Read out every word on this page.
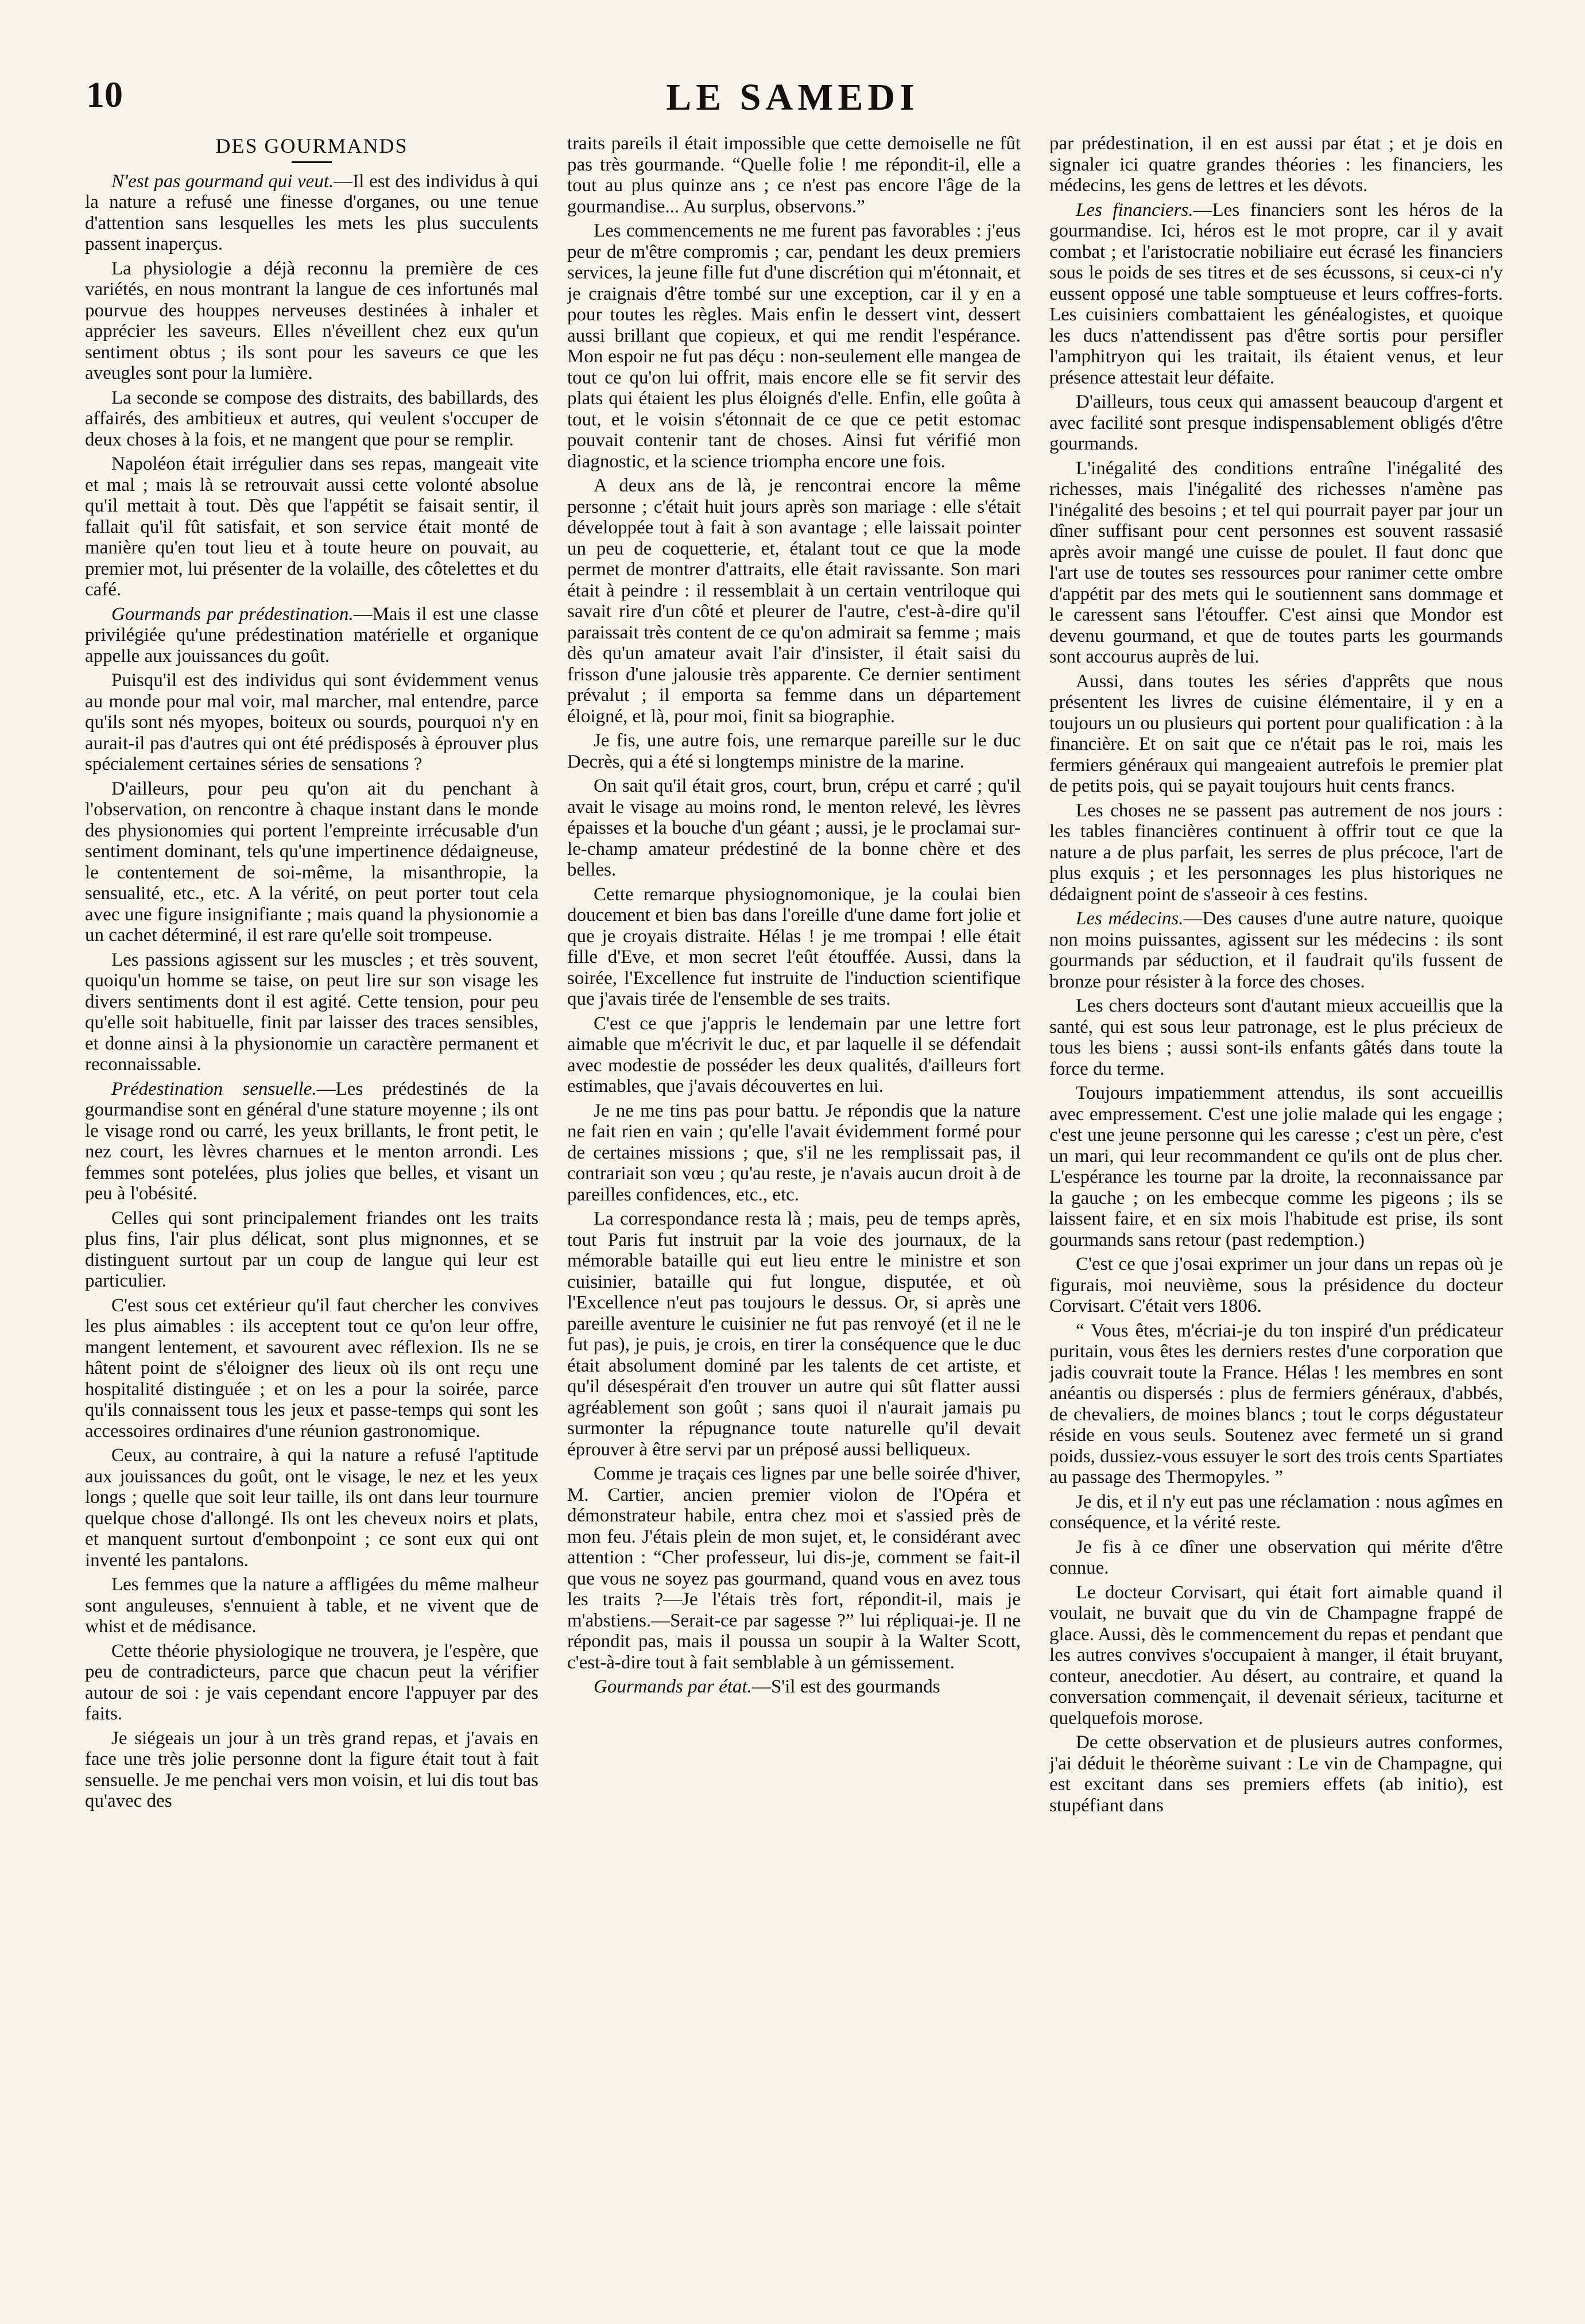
10	LE SAMEDI
DES GOURMANDS

N'est pas gourmand qui veut.—Il est des individus à qui la nature a refusé une finesse d'organes, ou une tenue d'attention sans lesquelles les mets les plus succulents passent inaperçus.

La physiologie a déjà reconnu la première de ces variétés, en nous montrant la langue de ces infortunés mal pourvue des houppes nerveuses destinées à inhaler et apprécier les saveurs. Elles n'éveillent chez eux qu'un sentiment obtus ; ils sont pour les saveurs ce que les aveugles sont pour la lumière.

La seconde se compose des distraits, des babillards, des affairés, des ambitieux et autres, qui veulent s'occuper de deux choses à la fois, et ne mangent que pour se remplir.

Napoléon était irrégulier dans ses repas, mangeait vite et mal ; mais là se retrouvait aussi cette volonté absolue qu'il mettait à tout. Dès que l'appétit se faisait sentir, il fallait qu'il fût satisfait, et son service était monté de manière qu'en tout lieu et à toute heure on pouvait, au premier mot, lui présenter de la volaille, des côtelettes et du café.

Gourmands par prédestination.—Mais il est une classe privilégiée qu'une prédestination matérielle et organique appelle aux jouissances du goût.

Puisqu'il est des individus qui sont évidemment venus au monde pour mal voir, mal marcher, mal entendre, parce qu'ils sont nés myopes, boiteux ou sourds, pourquoi n'y en aurait-il pas d'autres qui ont été prédisposés à éprouver plus spécialement certaines séries de sensations ?

D'ailleurs, pour peu qu'on ait du penchant à l'observation, on rencontre à chaque instant dans le monde des physionomies qui portent l'empreinte irrécusable d'un sentiment dominant, tels qu'une impertinence dédaigneuse, le contentement de soi-même, la misanthropie, la sensualité, etc., etc. A la vérité, on peut porter tout cela avec une figure insignifiante ; mais quand la physionomie a un cachet déterminé, il est rare qu'elle soit trompeuse.

Les passions agissent sur les muscles ; et très souvent, quoiqu'un homme se taise, on peut lire sur son visage les divers sentiments dont il est agité. Cette tension, pour peu qu'elle soit habituelle, finit par laisser des traces sensibles, et donne ainsi à la physionomie un caractère permanent et reconnaissable.

Prédestination sensuelle.—Les prédestinés de la gourmandise sont en général d'une stature moyenne ; ils ont le visage rond ou carré, les yeux brillants, le front petit, le nez court, les lèvres charnues et le menton arrondi. Les femmes sont potelées, plus jolies que belles, et visant un peu à l'obésité.

Celles qui sont principalement friandes ont les traits plus fins, l'air plus délicat, sont plus mignonnes, et se distinguent surtout par un coup de langue qui leur est particulier.

C'est sous cet extérieur qu'il faut chercher les convives les plus aimables : ils acceptent tout ce qu'on leur offre, mangent lentement, et savourent avec réflexion. Ils ne se hâtent point de s'éloigner des lieux où ils ont reçu une hospitalité distinguée ; et on les a pour la soirée, parce qu'ils connaissent tous les jeux et passe-temps qui sont les accessoires ordinaires d'une réunion gastronomique.

Ceux, au contraire, à qui la nature a refusé l'aptitude aux jouissances du goût, ont le visage, le nez et les yeux longs ; quelle que soit leur taille, ils ont dans leur tournure quelque chose d'allongé. Ils ont les cheveux noirs et plats, et manquent surtout d'embonpoint ; ce sont eux qui ont inventé les pantalons.

Les femmes que la nature a affligées du même malheur sont anguleuses, s'ennuient à table, et ne vivent que de whist et de médisance.

Cette théorie physiologique ne trouvera, je l'espère, que peu de contradicteurs, parce que chacun peut la vérifier autour de soi : je vais cependant encore l'appuyer par des faits.

Je siégeais un jour à un très grand repas, et j'avais en face une très jolie personne dont la figure était tout à fait sensuelle. Je me penchai vers mon voisin, et lui dis tout bas qu'avec des

traits pareils il était impossible que cette demoiselle ne fût pas très gourmande. “Quelle folie ! me répondit-il, elle a tout au plus quinze ans ; ce n'est pas encore l'âge de la gourmandise... Au surplus, observons.”

Les commencements ne me furent pas favorables : j'eus peur de m'être compromis ; car, pendant les deux premiers services, la jeune fille fut d'une discrétion qui m'étonnait, et je craignais d'être tombé sur une exception, car il y en a pour toutes les règles. Mais enfin le dessert vint, dessert aussi brillant que copieux, et qui me rendit l'espérance. Mon espoir ne fut pas déçu : non-seulement elle mangea de tout ce qu'on lui offrit, mais encore elle se fit servir des plats qui étaient les plus éloignés d'elle. Enfin, elle goûta à tout, et le voisin s'étonnait de ce que ce petit estomac pouvait contenir tant de choses. Ainsi fut vérifié mon diagnostic, et la science triompha encore une fois.

A deux ans de là, je rencontrai encore la même personne ; c'était huit jours après son mariage : elle s'était développée tout à fait à son avantage ; elle laissait pointer un peu de coquetterie, et, étalant tout ce que la mode permet de montrer d'attraits, elle était ravissante. Son mari était à peindre : il ressemblait à un certain ventriloque qui savait rire d'un côté et pleurer de l'autre, c'est-à-dire qu'il paraissait très content de ce qu'on admirait sa femme ; mais dès qu'un amateur avait l'air d'insister, il était saisi du frisson d'une jalousie très apparente. Ce dernier sentiment prévalut ; il emporta sa femme dans un département éloigné, et là, pour moi, finit sa biographie.

Je fis, une autre fois, une remarque pareille sur le duc Decrès, qui a été si longtemps ministre de la marine.

On sait qu'il était gros, court, brun, crépu et carré ; qu'il avait le visage au moins rond, le menton relevé, les lèvres épaisses et la bouche d'un géant ; aussi, je le proclamai sur-le-champ amateur prédestiné de la bonne chère et des belles.

Cette remarque physiognomonique, je la coulai bien doucement et bien bas dans l'oreille d'une dame fort jolie et que je croyais distraite. Hélas ! je me trompai ! elle était fille d'Eve, et mon secret l'eût étouffée. Aussi, dans la soirée, l'Excellence fut instruite de l'induction scientifique que j'avais tirée de l'ensemble de ses traits.

C'est ce que j'appris le lendemain par une lettre fort aimable que m'écrivit le duc, et par laquelle il se défendait avec modestie de posséder les deux qualités, d'ailleurs fort estimables, que j'avais découvertes en lui.

Je ne me tins pas pour battu. Je répondis que la nature ne fait rien en vain ; qu'elle l'avait évidemment formé pour de certaines missions ; que, s'il ne les remplissait pas, il contrariait son vœu ; qu'au reste, je n'avais aucun droit à de pareilles confidences, etc., etc.

La correspondance resta là ; mais, peu de temps après, tout Paris fut instruit par la voie des journaux, de la mémorable bataille qui eut lieu entre le ministre et son cuisinier, bataille qui fut longue, disputée, et où l'Excellence n'eut pas toujours le dessus. Or, si après une pareille aventure le cuisinier ne fut pas renvoyé (et il ne le fut pas), je puis, je crois, en tirer la conséquence que le duc était absolument dominé par les talents de cet artiste, et qu'il désespérait d'en trouver un autre qui sût flatter aussi agréablement son goût ; sans quoi il n'aurait jamais pu surmonter la répugnance toute naturelle qu'il devait éprouver à être servi par un préposé aussi belliqueux.

Comme je traçais ces lignes par une belle soirée d'hiver, M. Cartier, ancien premier violon de l'Opéra et démonstrateur habile, entra chez moi et s'assied près de mon feu. J'étais plein de mon sujet, et, le considérant avec attention : “Cher professeur, lui dis-je, comment se fait-il que vous ne soyez pas gourmand, quand vous en avez tous les traits ?—Je l'étais très fort, répondit-il, mais je m'abstiens.—Serait-ce par sagesse ?” lui répliquai-je. Il ne répondit pas, mais il poussa un soupir à la Walter Scott, c'est-à-dire tout à fait semblable à un gémissement.

Gourmands par état.—S'il est des gourmands

par prédestination, il en est aussi par état ; et je dois en signaler ici quatre grandes théories : les financiers, les médecins, les gens de lettres et les dévots.

Les financiers.—Les financiers sont les héros de la gourmandise. Ici, héros est le mot propre, car il y avait combat ; et l'aristocratie nobiliaire eut écrasé les financiers sous le poids de ses titres et de ses écussons, si ceux-ci n'y eussent opposé une table somptueuse et leurs coffres-forts. Les cuisiniers combattaient les généalogistes, et quoique les ducs n'attendissent pas d'être sortis pour persifler l'amphitryon qui les traitait, ils étaient venus, et leur présence attestait leur défaite.

D'ailleurs, tous ceux qui amassent beaucoup d'argent et avec facilité sont presque indispensablement obligés d'être gourmands.

L'inégalité des conditions entraîne l'inégalité des richesses, mais l'inégalité des richesses n'amène pas l'inégalité des besoins ; et tel qui pourrait payer par jour un dîner suffisant pour cent personnes est souvent rassasié après avoir mangé une cuisse de poulet. Il faut donc que l'art use de toutes ses ressources pour ranimer cette ombre d'appétit par des mets qui le soutiennent sans dommage et le caressent sans l'étouffer. C'est ainsi que Mondor est devenu gourmand, et que de toutes parts les gourmands sont accourus auprès de lui.

Aussi, dans toutes les séries d'apprêts que nous présentent les livres de cuisine élémentaire, il y en a toujours un ou plusieurs qui portent pour qualification : à la financière. Et on sait que ce n'était pas le roi, mais les fermiers généraux qui mangeaient autrefois le premier plat de petits pois, qui se payait toujours huit cents francs.

Les choses ne se passent pas autrement de nos jours : les tables financières continuent à offrir tout ce que la nature a de plus parfait, les serres de plus précoce, l'art de plus exquis ; et les personnages les plus historiques ne dédaignent point de s'asseoir à ces festins.

Les médecins.—Des causes d'une autre nature, quoique non moins puissantes, agissent sur les médecins : ils sont gourmands par séduction, et il faudrait qu'ils fussent de bronze pour résister à la force des choses.

Les chers docteurs sont d'autant mieux accueillis que la santé, qui est sous leur patronage, est le plus précieux de tous les biens ; aussi sont-ils enfants gâtés dans toute la force du terme.

Toujours impatiemment attendus, ils sont accueillis avec empressement. C'est une jolie malade qui les engage ; c'est une jeune personne qui les caresse ; c'est un père, c'est un mari, qui leur recommandent ce qu'ils ont de plus cher. L'espérance les tourne par la droite, la reconnaissance par la gauche ; on les embecque comme les pigeons ; ils se laissent faire, et en six mois l'habitude est prise, ils sont gourmands sans retour (past redemption.)

C'est ce que j'osai exprimer un jour dans un repas où je figurais, moi neuvième, sous la présidence du docteur Corvisart. C'était vers 1806.

“ Vous êtes, m'écriai-je du ton inspiré d'un prédicateur puritain, vous êtes les derniers restes d'une corporation que jadis couvrait toute la France. Hélas ! les membres en sont anéantis ou dispersés : plus de fermiers généraux, d'abbés, de chevaliers, de moines blancs ; tout le corps dégustateur réside en vous seuls. Soutenez avec fermeté un si grand poids, dussiez-vous essuyer le sort des trois cents Spartiates au passage des Thermopyles. ”

Je dis, et il n'y eut pas une réclamation : nous agîmes en conséquence, et la vérité reste.

Je fis à ce dîner une observation qui mérite d'être connue.

Le docteur Corvisart, qui était fort aimable quand il voulait, ne buvait que du vin de Champagne frappé de glace. Aussi, dès le commencement du repas et pendant que les autres convives s'occupaient à manger, il était bruyant, conteur, anecdotier. Au désert, au contraire, et quand la conversation commençait, il devenait sérieux, taciturne et quelquefois morose.

De cette observation et de plusieurs autres conformes, j'ai déduit le théorème suivant : Le vin de Champagne, qui est excitant dans ses premiers effets (ab initio), est stupéfiant dans
